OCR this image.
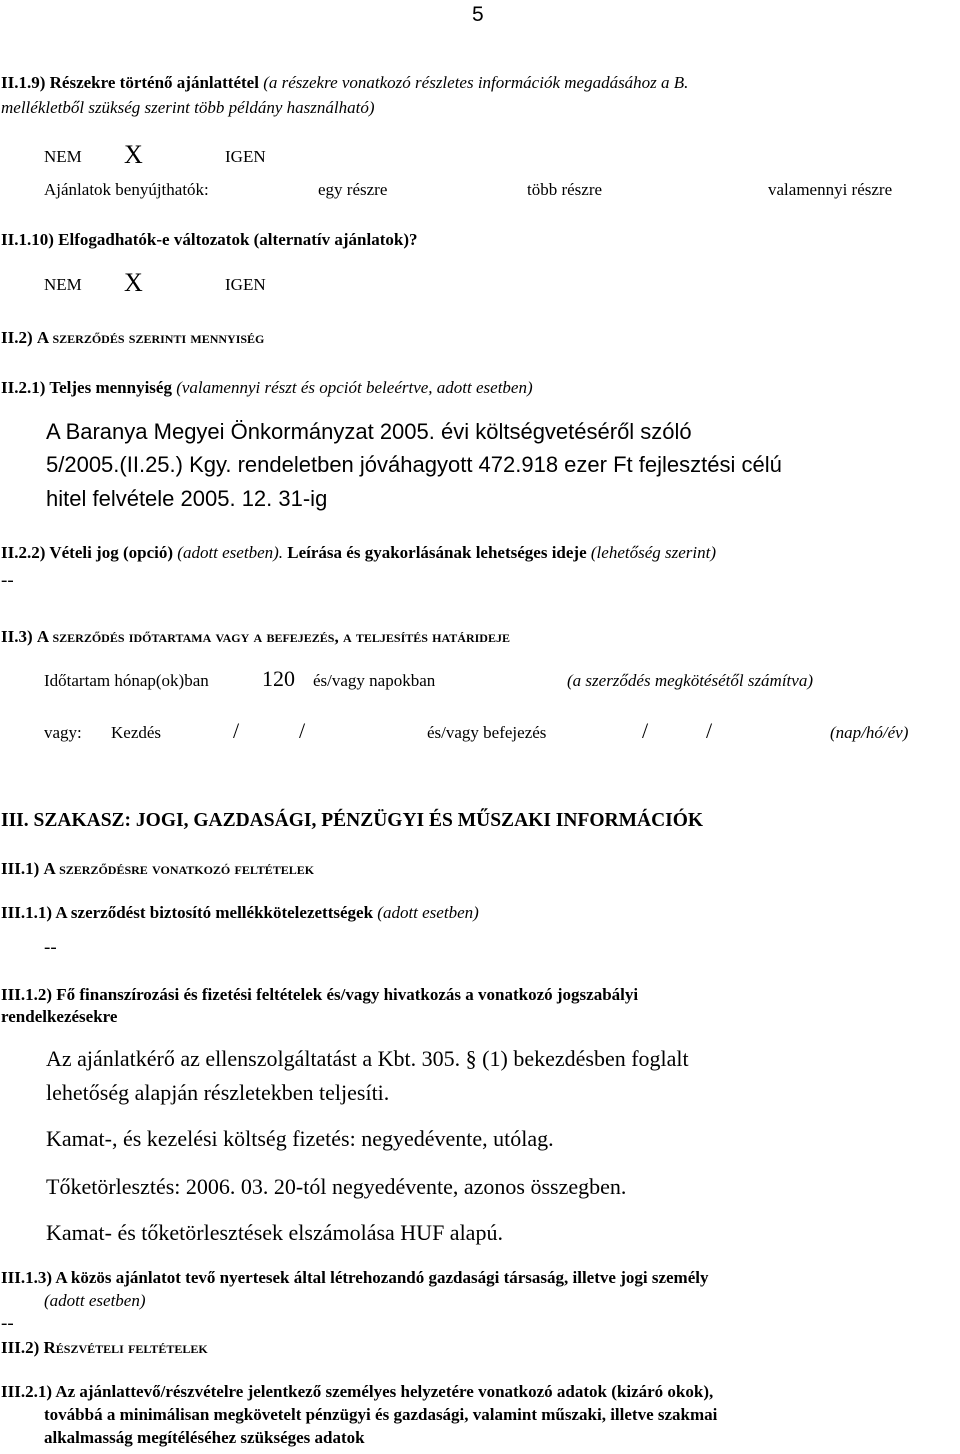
5
II.1.9) Részekre történő ajánlattétel (a részekre vonatkozó részletes információk megadásához a B.
mellékletből szükség szerint több példány használható)
NEM X	IGEN
Ajánlatok benyújthatók:	egy részre	több részre	valamennyi részre
II.1.10) Elfogadhatók-e változatok (alternatív ajánlatok)?
NEM X	IGEN
II.2) A szerződés szerinti mennyiség
II.2.1) Teljes mennyiség (valamennyi részt és opciót beleértve, adott esetben)
A Baranya Megyei Önkormányzat 2005. évi költségvetéséről szóló
5/2005.(II.25.) Kgy. rendeletben jóváhagyott 472.918 ezer Ft fejlesztési célú
hitel felvétele 2005. 12. 31-ig
II.2.2) Vételi jog (opció) (adott esetben). Leírása és gyakorlásának lehetséges ideje (lehetőség szerint)
--
II.3) A szerződés időtartama vagy a befejezés, a teljesítés határideje
Időtartam hónap(ok)ban 120 és/vagy napokban	(a szerződés megkötésétől számítva)
vagy: Kezdés	/	/	és/vagy befejezés	/	/	(nap/hó/év)
III. SZAKASZ: JOGI, GAZDASÁGI, PÉNZÜGYI ÉS MŰSZAKI INFORMÁCIÓK
III.1) A szerződésre vonatkozó feltételek
III.1.1) A szerződést biztosító mellékkötelezettségek (adott esetben)
--
III.1.2) Fő finanszírozási és fizetési feltételek és/vagy hivatkozás a vonatkozó jogszabályi
rendelkezésekre
Az ajánlatkérő az ellenszolgáltatást a Kbt. 305. § (1) bekezdésben foglalt
lehetőség alapján részletekben teljesíti.
Kamat-, és kezelési költség fizetés: negyedévente, utólag.
Tőketörlesztés: 2006. 03. 20-tól negyedévente, azonos összegben.
Kamat- és tőketörlesztések elszámolása HUF alapú.
III.1.3) A közös ajánlatot tevő nyertesek által létrehozandó gazdasági társaság, illetve jogi személy
(adott esetben)
--
III.2) Részvételi feltételek
III.2.1) Az ajánlattevő/részvételre jelentkező személyes helyzetére vonatkozó adatok (kizáró okok),
továbbá a minimálisan megkövetelt pénzügyi és gazdasági, valamint műszaki, illetve szakmai
alkalmasság megítéléséhez szükséges adatok
